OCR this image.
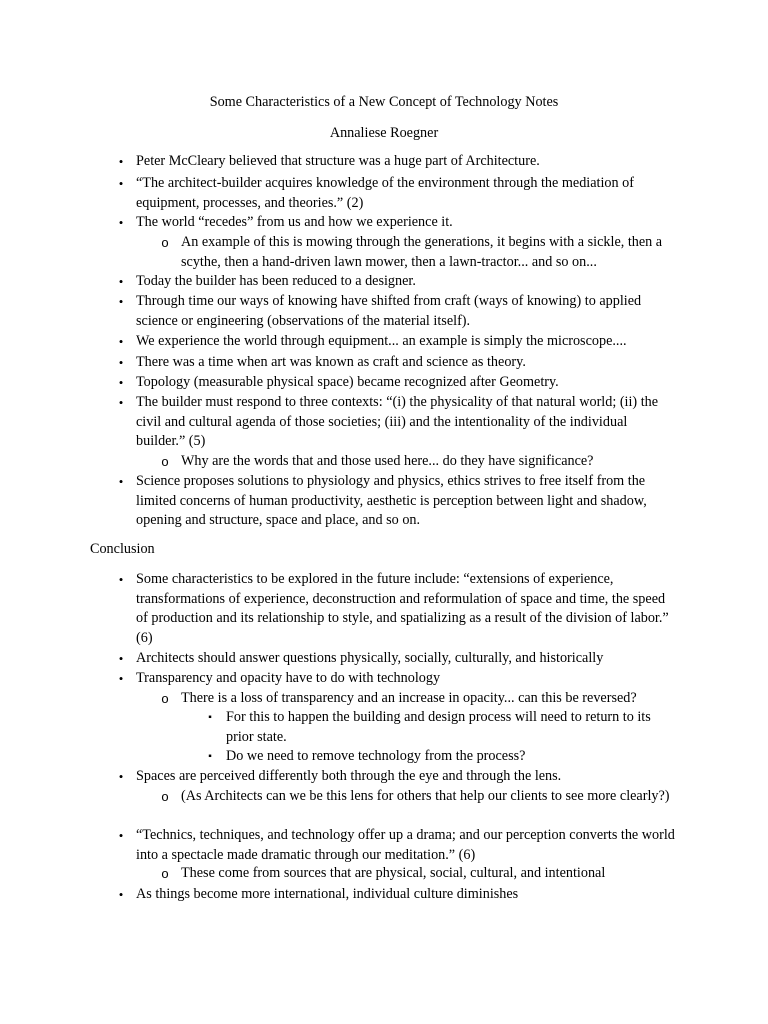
Some Characteristics of a New Concept of Technology Notes
Annaliese Roegner
• Peter McCleary believed that structure was a huge part of Architecture.

• “The architect-builder acquires knowledge of the environment through the mediation of equipment, processes, and theories.” (2)

• The world “recedes” from us and how we experience it.

o An example of this is mowing through the generations, it begins with a sickle, then a scythe, then a hand-driven lawn mower, then a lawn-tractor... and so on...

• Today the builder has been reduced to a designer.

• Through time our ways of knowing have shifted from craft (ways of knowing) to applied science or engineering (observations of the material itself).

• We experience the world through equipment... an example is simply the microscope....

• There was a time when art was known as craft and science as theory.

• Topology (measurable physical space) became recognized after Geometry.

• The builder must respond to three contexts: “(i) the physicality of that natural world; (ii) the civil and cultural agenda of those societies; (iii) and the intentionality of the individual builder.” (5)

o Why are the words that and those used here... do they have significance?

• Science proposes solutions to physiology and physics, ethics strives to free itself from the limited concerns of human productivity, aesthetic is perception between light and shadow, opening and structure, space and place, and so on.

Conclusion
• Some characteristics to be explored in the future include: “extensions of experience, transformations of experience, deconstruction and reformulation of space and time, the speed of production and its relationship to style, and spatializing as a result of the division of labor.” (6)

• Architects should answer questions physically, socially, culturally, and historically

• Transparency and opacity have to do with technology

o There is a loss of transparency and an increase in opacity... can this be reversed?

▪	For this to happen the building and design process will need to return to its prior state.

▪	Do we need to remove technology from the process?

• Spaces are perceived differently both through the eye and through the lens.

o (As Architects can we be this lens for others that help our clients to see more clearly?)

• “Technics, techniques, and technology offer up a drama; and our perception converts the world into a spectacle made dramatic through our meditation.” (6)

o These come from sources that are physical, social, cultural, and intentional

• As things become more international, individual culture diminishes
